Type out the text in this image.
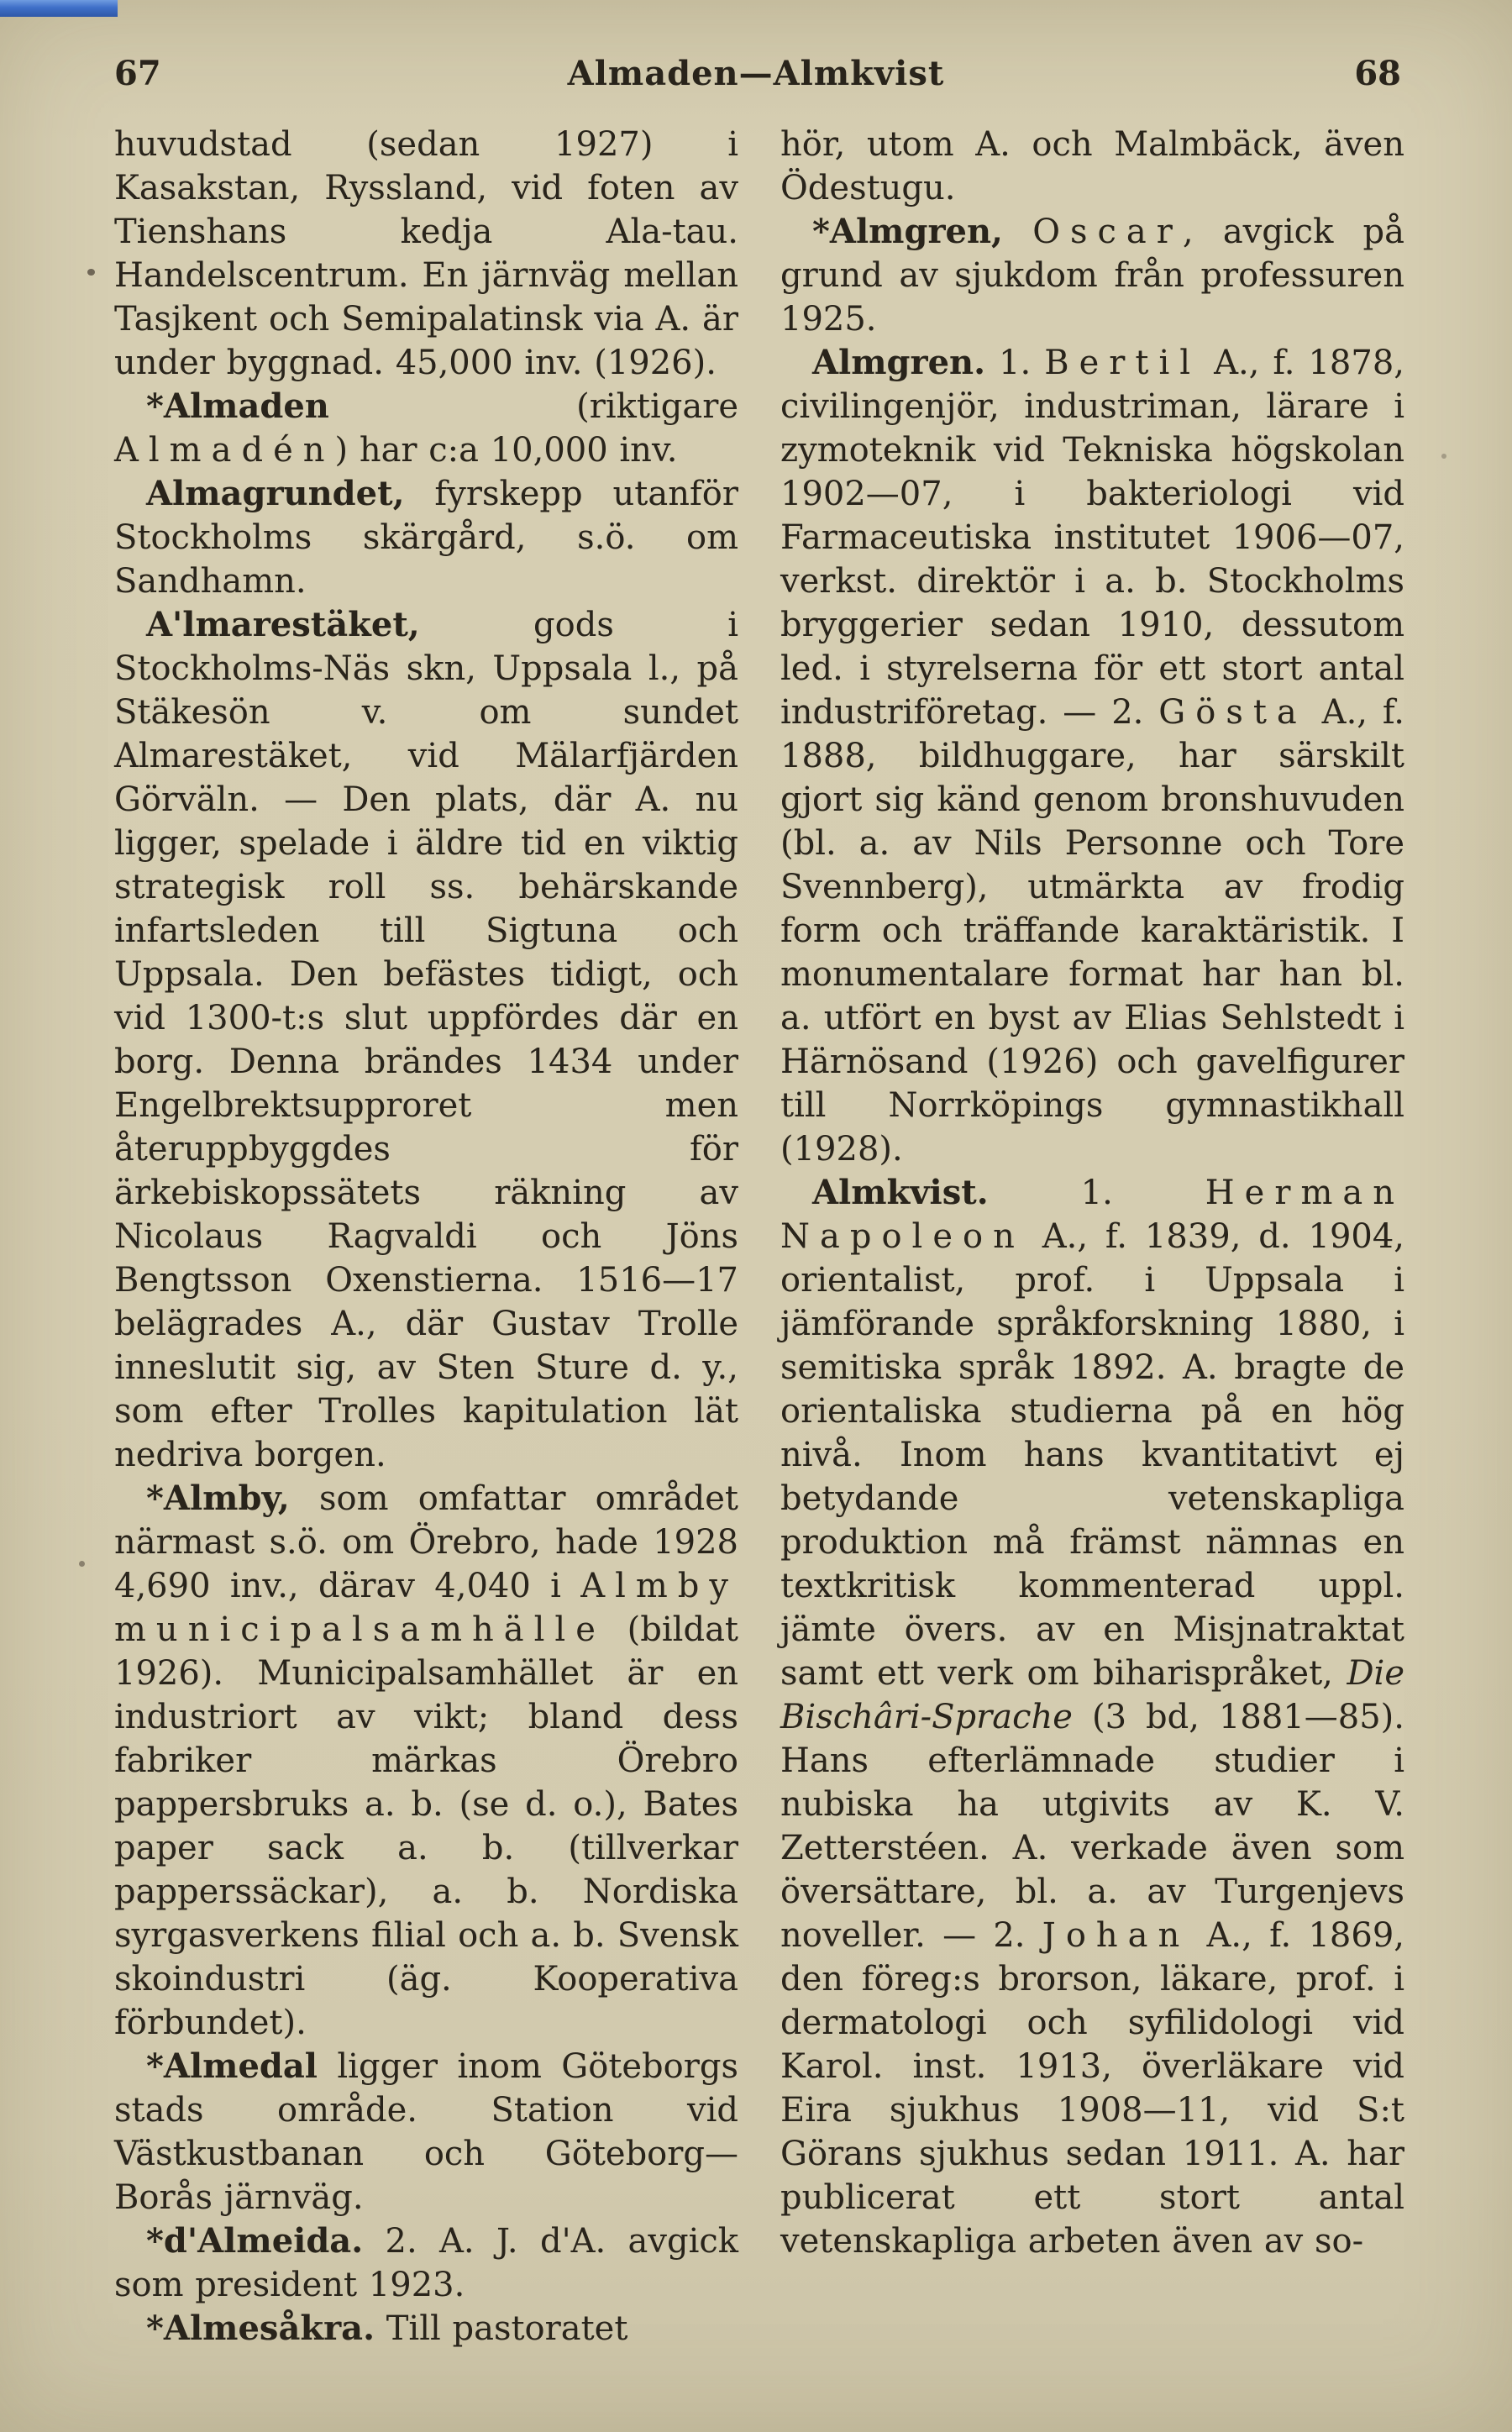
67	Almaden—Almkvist	68

huvudstad (sedan 1927) i Kasakstan, Ryssland, vid foten av Tienshans kedja Ala-tau. Handelscentrum. En järnväg mellan Tasjkent och Semipalatinsk via A. är under byggnad. 45,000 inv. (1926).

*Almaden (riktigare Almadén) har c:a 10,000 inv.

Almagrundet, fyrskepp utanför Stockholms skärgård, s.ö. om Sandhamn.

A'lmarestäket, gods i Stockholms-Näs skn, Uppsala l., på Stäkesön v. om sundet Almarestäket, vid Mälarfjärden Görväln. — Den plats, där A. nu ligger, spelade i äldre tid en viktig strategisk roll ss. behärskande infartsleden till Sigtuna och Uppsala. Den befästes tidigt, och vid 1300-t:s slut uppfördes där en borg. Denna brändes 1434 under Engelbrektsupproret men återuppbyggdes för ärkebiskopssätets räkning av Nicolaus Ragvaldi och Jöns Bengtsson Oxenstierna. 1516—17 belägrades A., där Gustav Trolle inneslutit sig, av Sten Sture d. y., som efter Trolles kapitulation lät nedriva borgen.

*Almby, som omfattar området närmast s.ö. om Örebro, hade 1928 4,690 inv., därav 4,040 i Almby municipalsamhälle (bildat 1926). Municipalsamhället är en industriort av vikt; bland dess fabriker märkas Örebro pappersbruks a. b. (se d. o.), Bates paper sack a. b. (tillverkar papperssäckar), a. b. Nordiska syrgasverkens filial och a. b. Svensk skoindustri (äg. Kooperativa förbundet).

*Almedal ligger inom Göteborgs stads område. Station vid Västkustbanan och Göteborg—Borås järnväg.

*d'Almeida. 2. A. J. d'A. avgick som president 1923.

*Almesåkra. Till pastoratet

hör, utom A. och Malmbäck, även Ödestugu.

*Almgren, Oscar, avgick på grund av sjukdom från professuren 1925.

Almgren. 1. Bertil A., f. 1878, civilingenjör, industriman, lärare i zymoteknik vid Tekniska högskolan 1902—07, i bakteriologi vid Farmaceutiska institutet 1906—07, verkst. direktör i a. b. Stockholms bryggerier sedan 1910, dessutom led. i styrelserna för ett stort antal industriföretag. — 2. Gösta A., f. 1888, bildhuggare, har särskilt gjort sig känd genom bronshuvuden (bl. a. av Nils Personne och Tore Svennberg), utmärkta av frodig form och träffande karaktäristik. I monumentalare format har han bl. a. utfört en byst av Elias Sehlstedt i Härnösand (1926) och gavelfigurer till Norrköpings gymnastikhall (1928).

Almkvist. 1. Herman Napoleon A., f. 1839, d. 1904, orientalist, prof. i Uppsala i jämförande språkforskning 1880, i semitiska språk 1892. A. bragte de orientaliska studierna på en hög nivå. Inom hans kvantitativt ej betydande vetenskapliga produktion må främst nämnas en textkritisk kommenterad uppl. jämte övers. av en Misjnatraktat samt ett verk om biharispråket, Die Bischâri-Sprache (3 bd, 1881—85). Hans efterlämnade studier i nubiska ha utgivits av K. V. Zetterstéen. A. verkade även som översättare, bl. a. av Turgenjevs noveller. — 2. Johan A., f. 1869, den föreg:s brorson, läkare, prof. i dermatologi och syfilidologi vid Karol. inst. 1913, överläkare vid Eira sjukhus 1908—11, vid S:t Görans sjukhus sedan 1911. A. har publicerat ett stort antal vetenskapliga arbeten även av so-
